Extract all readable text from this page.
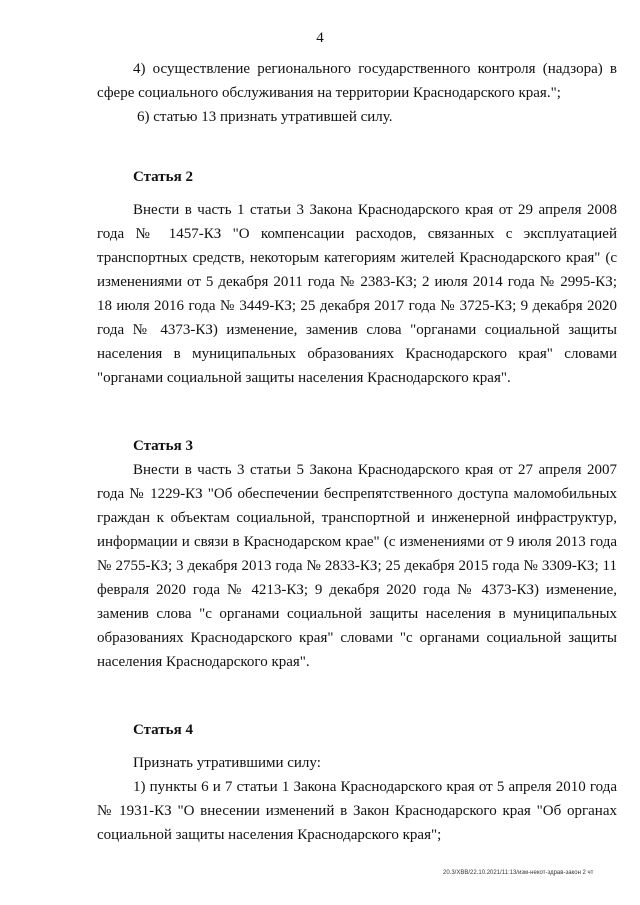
4

4) осуществление регионального государственного контроля (надзора) в сфере социального обслуживания на территории Краснодарского края.";

6) статью 13 признать утратившей силу.

Статья 2

Внести в часть 1 статьи 3 Закона Краснодарского края от 29 апреля 2008 года № 1457-КЗ "О компенсации расходов, связанных с эксплуатацией транспортных средств, некоторым категориям жителей Краснодарского края" (с изменениями от 5 декабря 2011 года № 2383-КЗ; 2 июля 2014 года № 2995-КЗ; 18 июля 2016 года № 3449-КЗ; 25 декабря 2017 года № 3725-КЗ; 9 декабря 2020 года № 4373-КЗ) изменение, заменив слова "органами социальной защиты населения в муниципальных образованиях Краснодарского края" словами "органами социальной защиты населения Краснодарского края".

Статья 3

Внести в часть 3 статьи 5 Закона Краснодарского края от 27 апреля 2007 года № 1229-КЗ "Об обеспечении беспрепятственного доступа маломобильных граждан к объектам социальной, транспортной и инженерной инфраструктур, информации и связи в Краснодарском крае" (с изменениями от 9 июля 2013 года № 2755-КЗ; 3 декабря 2013 года № 2833-КЗ; 25 декабря 2015 года № 3309-КЗ; 11 февраля 2020 года № 4213-КЗ; 9 декабря 2020 года № 4373-КЗ) изменение, заменив слова "с органами социальной защиты населения в муниципальных образованиях Краснодарского края" словами "с органами социальной защиты населения Краснодарского края".

Статья 4

Признать утратившими силу:

1) пункты 6 и 7 статьи 1 Закона Краснодарского края от 5 апреля 2010 года № 1931-КЗ "О внесении изменений в Закон Краснодарского края "Об органах социальной защиты населения Краснодарского края";

20.3/XBB/22.10.2021/11:13/изм-некот-здрав-закон 2 чт
